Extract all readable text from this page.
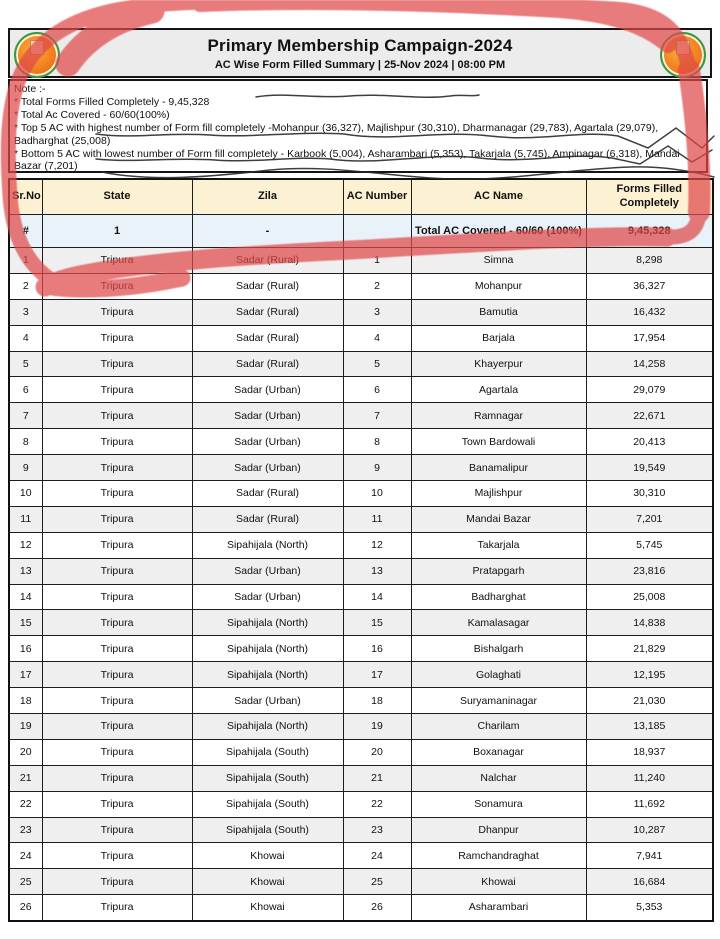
Primary Membership Campaign-2024
AC Wise Form Filled Summary | 25-Nov 2024 | 08:00 PM
Note :-
* Total Forms Filled Completely - 9,45,328
* Total Ac Covered - 60/60(100%)
* Top 5 AC with highest number of Form fill completely -Mohanpur (36,327), Majlishpur (30,310), Dharmanagar (29,783), Agartala (29,079), Badharghat (25,008)
* Bottom 5 AC with lowest number of Form fill completely - Karbook (5,004), Asharambari (5,353), Takarjala (5,745), Ampinagar (6,318), Mandai Bazar (7,201)
Sr.No	State	Zila	AC Number	AC Name	Forms Filled Completely
#	1	-		Total AC Covered - 60/60 (100%)	9,45,328
1	Tripura	Sadar (Rural)	1	Simna	8,298
2	Tripura	Sadar (Rural)	2	Mohanpur	36,327
3	Tripura	Sadar (Rural)	3	Bamutia	16,432
4	Tripura	Sadar (Rural)	4	Barjala	17,954
5	Tripura	Sadar (Rural)	5	Khayerpur	14,258
6	Tripura	Sadar (Urban)	6	Agartala	29,079
7	Tripura	Sadar (Urban)	7	Ramnagar	22,671
8	Tripura	Sadar (Urban)	8	Town Bardowali	20,413
9	Tripura	Sadar (Urban)	9	Banamalipur	19,549
10	Tripura	Sadar (Rural)	10	Majlishpur	30,310
11	Tripura	Sadar (Rural)	11	Mandai Bazar	7,201
12	Tripura	Sipahijala (North)	12	Takarjala	5,745
13	Tripura	Sadar (Urban)	13	Pratapgarh	23,816
14	Tripura	Sadar (Urban)	14	Badharghat	25,008
15	Tripura	Sipahijala (North)	15	Kamalasagar	14,838
16	Tripura	Sipahijala (North)	16	Bishalgarh	21,829
17	Tripura	Sipahijala (North)	17	Golaghati	12,195
18	Tripura	Sadar (Urban)	18	Suryamaninagar	21,030
19	Tripura	Sipahijala (North)	19	Charilam	13,185
20	Tripura	Sipahijala (South)	20	Boxanagar	18,937
21	Tripura	Sipahijala (South)	21	Nalchar	11,240
22	Tripura	Sipahijala (South)	22	Sonamura	11,692
23	Tripura	Sipahijala (South)	23	Dhanpur	10,287
24	Tripura	Khowai	24	Ramchandraghat	7,941
25	Tripura	Khowai	25	Khowai	16,684
26	Tripura	Khowai	26	Asharambari	5,353
